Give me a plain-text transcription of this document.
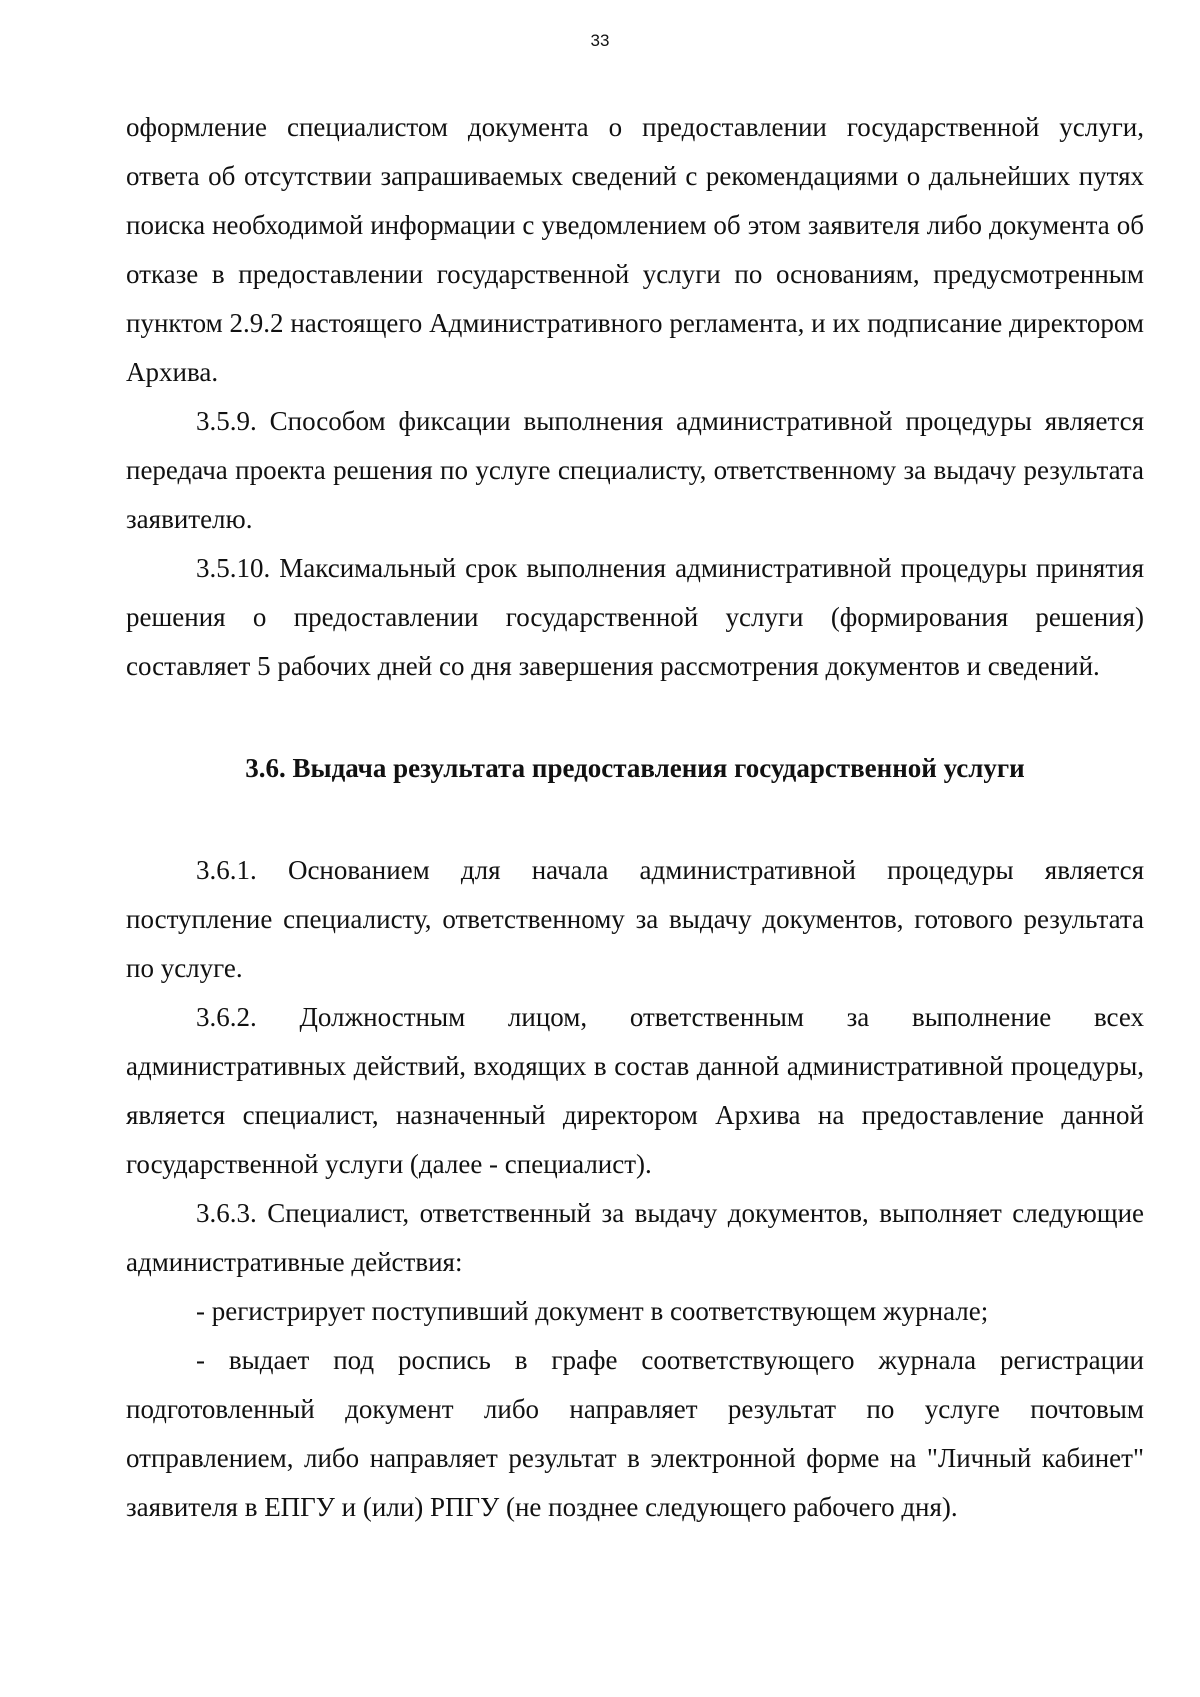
33

оформление специалистом документа о предоставлении государственной услуги, ответа об отсутствии запрашиваемых сведений с рекомендациями о дальнейших путях поиска необходимой информации с уведомлением об этом заявителя либо документа об отказе в предоставлении государственной услуги по основаниям, предусмотренным пунктом 2.9.2 настоящего Административного регламента, и их подписание директором Архива.

3.5.9. Способом фиксации выполнения административной процедуры является передача проекта решения по услуге специалисту, ответственному за выдачу результата заявителю.

3.5.10. Максимальный срок выполнения административной процедуры принятия решения о предоставлении государственной услуги (формирования решения) составляет 5 рабочих дней со дня завершения рассмотрения документов и сведений.

3.6. Выдача результата предоставления государственной услуги

3.6.1. Основанием для начала административной процедуры является поступление специалисту, ответственному за выдачу документов, готового результата по услуге.

3.6.2. Должностным лицом, ответственным за выполнение всех административных действий, входящих в состав данной административной процедуры, является специалист, назначенный директором Архива на предоставление данной государственной услуги (далее - специалист).

3.6.3. Специалист, ответственный за выдачу документов, выполняет следующие административные действия:

- регистрирует поступивший документ в соответствующем журнале;

- выдает под роспись в графе соответствующего журнала регистрации подготовленный документ либо направляет результат по услуге почтовым отправлением, либо направляет результат в электронной форме на "Личный кабинет" заявителя в ЕПГУ и (или) РПГУ (не позднее следующего рабочего дня).
